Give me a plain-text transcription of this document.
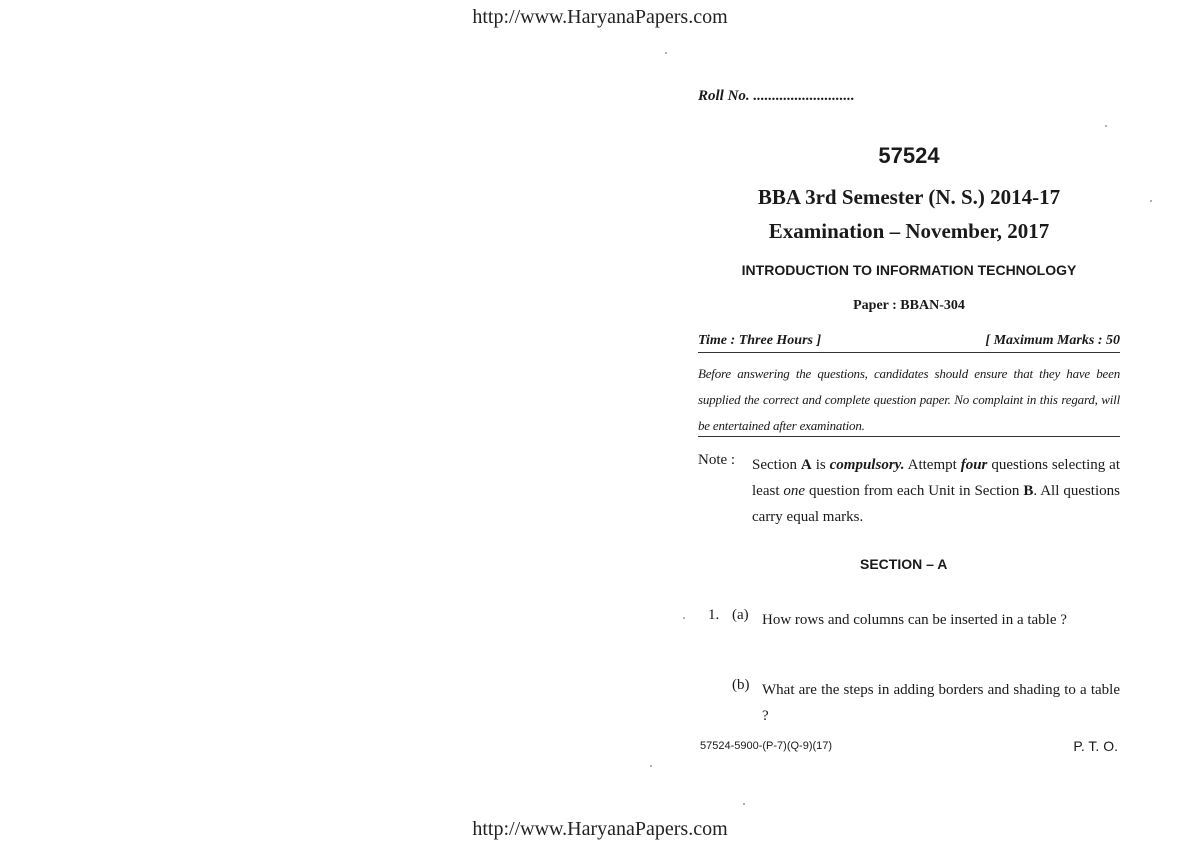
http://www.HaryanaPapers.com
Roll No. ...........................
57524
BBA 3rd Semester (N. S.) 2014-17
Examination – November, 2017
INTRODUCTION TO INFORMATION TECHNOLOGY
Paper : BBAN-304
Time : Three Hours ]	[ Maximum Marks : 50
Before answering the questions, candidates should ensure that they have been supplied the correct and complete question paper. No complaint in this regard, will be entertained after examination.
Note : Section A is compulsory. Attempt four questions selecting at least one question from each Unit in Section B. All questions carry equal marks.
SECTION – A
1. (a) How rows and columns can be inserted in a table ?
(b) What are the steps in adding borders and shading to a table ?
57524-5900-(P-7)(Q-9)(17)	P. T. O.
http://www.HaryanaPapers.com
